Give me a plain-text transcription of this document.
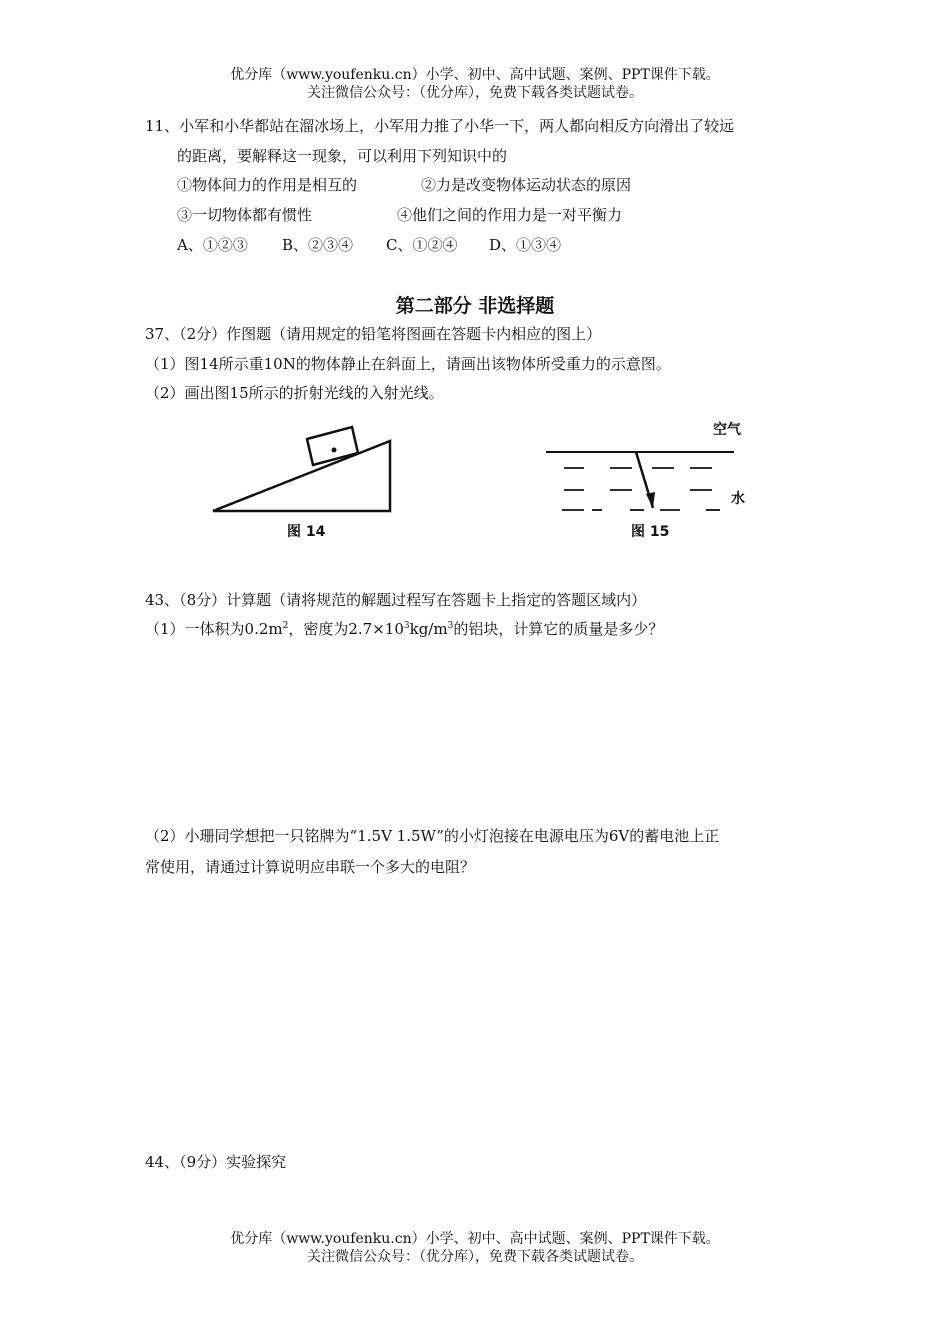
优分库（www.youfenku.cn）小学、初中、高中试题、案例、PPT课件下载。
关注微信公众号：（优分库），免费下载各类试题试卷。
11、小军和小华都站在溜冰场上，小军用力推了小华一下，两人都向相反方向滑出了较远
的距离，要解释这一现象，可以利用下列知识中的
①物体间力的作用是相互的	②力是改变物体运动状态的原因
③一切物体都有惯性	④他们之间的作用力是一对平衡力
A、①②③ B、②③④ C、①②④ D、①③④
第二部分 非选择题
37、（2分）作图题（请用规定的铅笔将图画在答题卡内相应的图上）
（1）图14所示重10N的物体静止在斜面上，请画出该物体所受重力的示意图。
（2）画出图15所示的折射光线的入射光线。
图 14
空气
水
图 15
43、（8分）计算题（请将规范的解题过程写在答题卡上指定的答题区域内）
（1）一体积为$0.2m^2$，密度为$2.7\times 10^3kg/m^3$的铝块，计算它的质量是多少？
（2）小珊同学想把一只铭牌为“1.5V 1.5W”的小灯泡接在电源电压为6V的蓄电池上正
常使用，请通过计算说明应串联一个多大的电阻？
44、（9分）实验探究
优分库（www.youfenku.cn）小学、初中、高中试题、案例、PPT课件下载。
关注微信公众号：（优分库），免费下载各类试题试卷。
